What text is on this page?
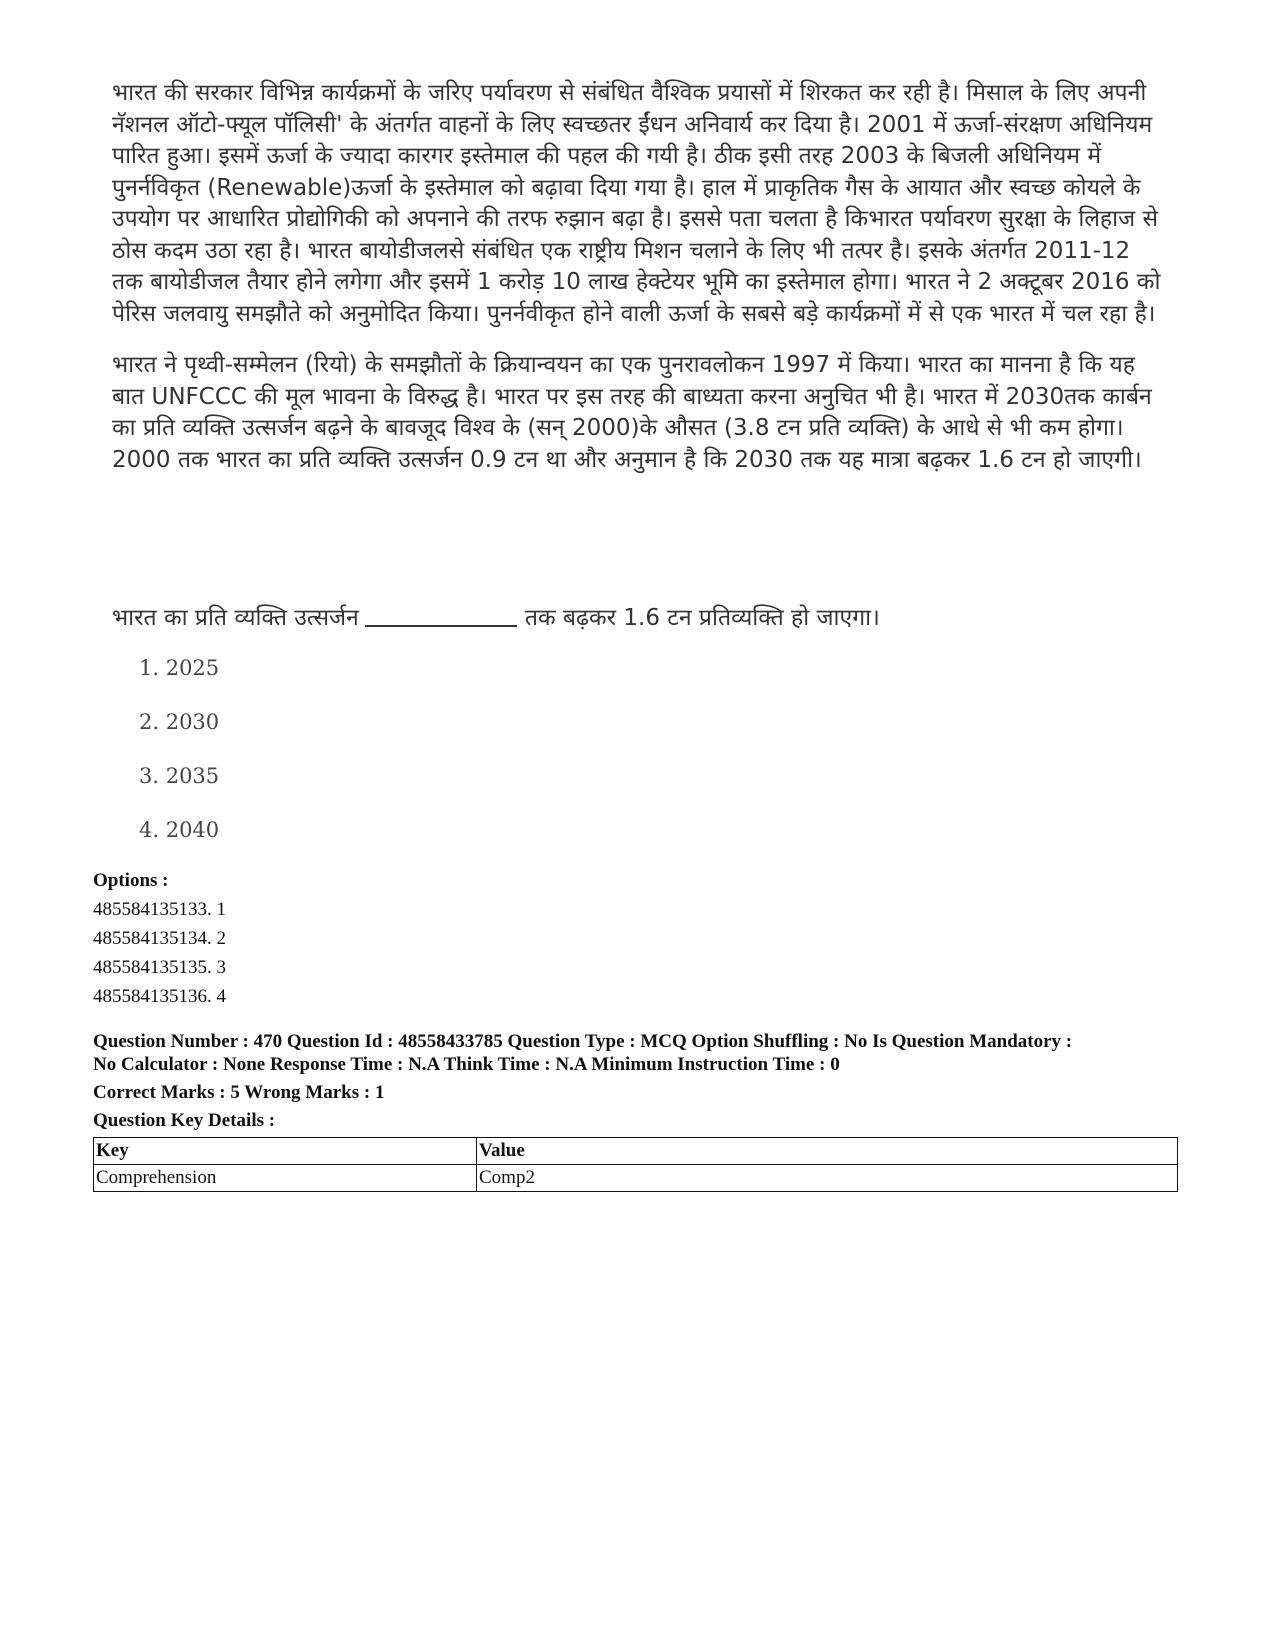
भारत की सरकार विभिन्न कार्यक्रमों के जरिए पर्यावरण से संबंधित वैश्विक प्रयासों में शिरकत कर रही है। मिसाल के लिए अपनी नॅशनल ऑटो-फ्यूल पॉलिसी' के अंतर्गत वाहनों के लिए स्वच्छतर ईंधन अनिवार्य कर दिया है। 2001 में ऊर्जा-संरक्षण अधिनियम पारित हुआ। इसमें ऊर्जा के ज्यादा कारगर इस्तेमाल की पहल की गयी है। ठीक इसी तरह 2003 के बिजली अधिनियम में पुनर्नविकृत (Renewable)ऊर्जा के इस्तेमाल को बढ़ावा दिया गया है। हाल में प्राकृतिक गैस के आयात और स्वच्छ कोयले के उपयोग पर आधारित प्रोद्योगिकी को अपनाने की तरफ रुझान बढ़ा है। इससे पता चलता है किभारत पर्यावरण सुरक्षा के लिहाज से ठोस कदम उठा रहा है। भारत बायोडीजलसे संबंधित एक राष्ट्रीय मिशन चलाने के लिए भी तत्पर है। इसके अंतर्गत 2011-12 तक बायोडीजल तैयार होने लगेगा और इसमें 1 करोड़ 10 लाख हेक्टेयर भूमि का इस्तेमाल होगा। भारत ने 2 अक्टूबर 2016 को पेरिस जलवायु समझौते को अनुमोदित किया। पुनर्नवीकृत होने वाली ऊर्जा के सबसे बड़े कार्यक्रमों में से एक भारत में चल रहा है।

भारत ने पृथ्वी-सम्मेलन (रियो) के समझौतों के क्रियान्वयन का एक पुनरावलोकन 1997 में किया। भारत का मानना है कि यह बात UNFCCC की मूल भावना के विरुद्ध है। भारत पर इस तरह की बाध्यता करना अनुचित भी है। भारत में 2030तक कार्बन का प्रति व्यक्ति उत्सर्जन बढ़ने के बावजूद विश्व के (सन् 2000)के औसत (3.8 टन प्रति व्यक्ति) के आधे से भी कम होगा। 2000 तक भारत का प्रति व्यक्ति उत्सर्जन 0.9 टन था और अनुमान है कि 2030 तक यह मात्रा बढ़कर 1.6 टन हो जाएगी।

भारत का प्रति व्यक्ति उत्सर्जन	तक बढ़कर 1.6 टन प्रतिव्यक्ति हो जाएगा।

1. 2025
2. 2030
3. 2035
4. 2040
Options :
485584135133. 1
485584135134. 2
485584135135. 3
485584135136. 4
Question Number : 470 Question Id : 48558433785 Question Type : MCQ Option Shuffling : No Is Question Mandatory :
No Calculator : None Response Time : N.A Think Time : N.A Minimum Instruction Time : 0
Correct Marks : 5 Wrong Marks : 1
Question Key Details :
Key	Value
Comprehension	Comp2
